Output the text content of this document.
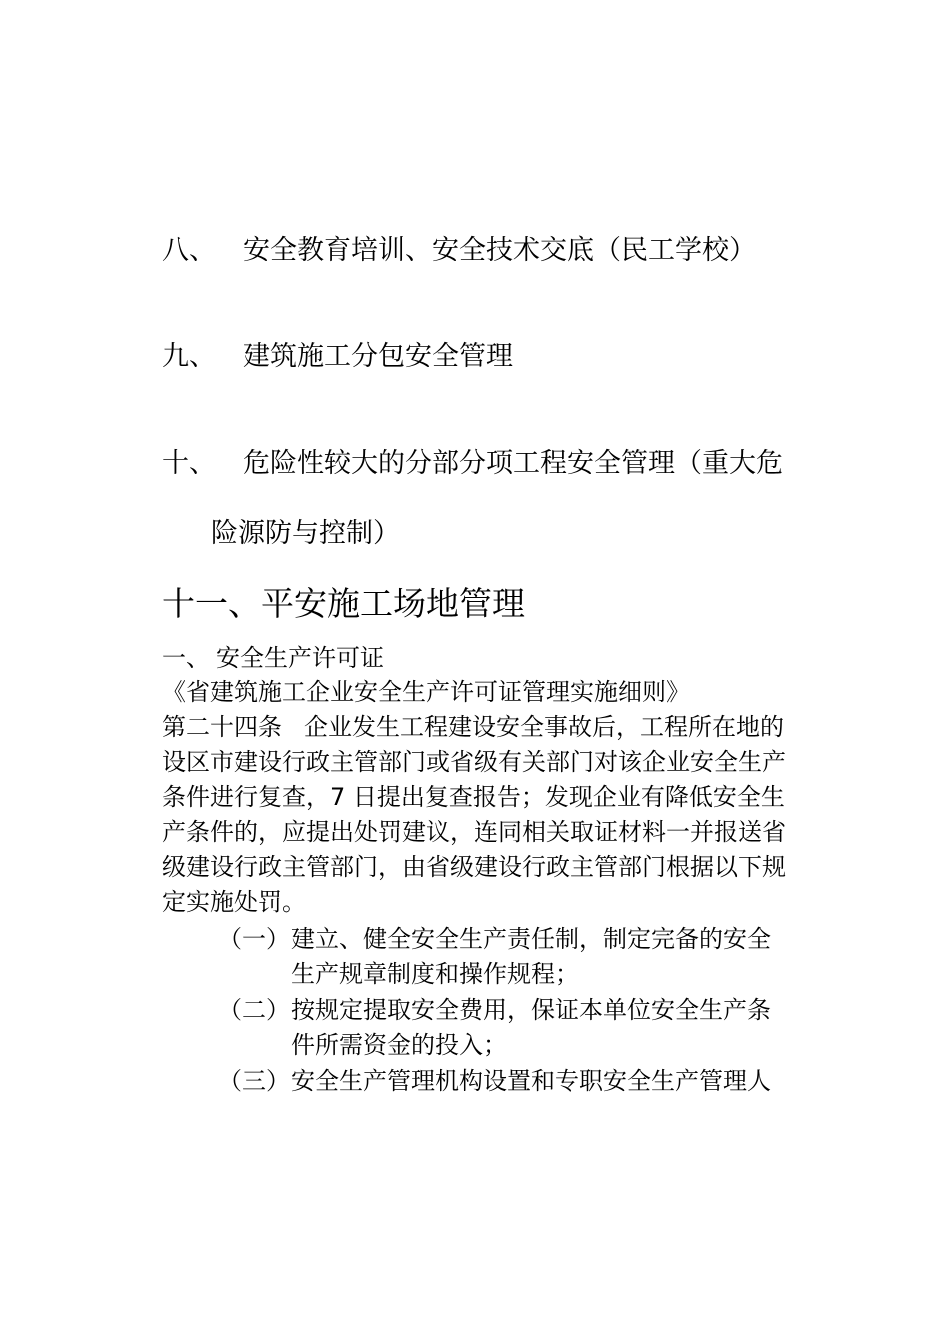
八、 安全教育培训、安全技术交底（民工学校）
九、 建筑施工分包安全管理
十、 危险性较大的分部分项工程安全管理（重大危
险源防与控制）
十一、平安施工场地管理
一、 安全生产许可证
《省建筑施工企业安全生产许可证管理实施细则》
第二十四条 企业发生工程建设安全事故后，工程所在地的
设区市建设行政主管部门或省级有关部门对该企业安全生产
条件进行复查，7 日提出复查报告；发现企业有降低安全生
产条件的，应提出处罚建议，连同相关取证材料一并报送省
级建设行政主管部门，由省级建设行政主管部门根据以下规
定实施处罚。
（一） 建立、健全安全生产责任制，制定完备的安全
生产规章制度和操作规程；
（二） 按规定提取安全费用，保证本单位安全生产条
件所需资金的投入；
（三） 安全生产管理机构设置和专职安全生产管理人
